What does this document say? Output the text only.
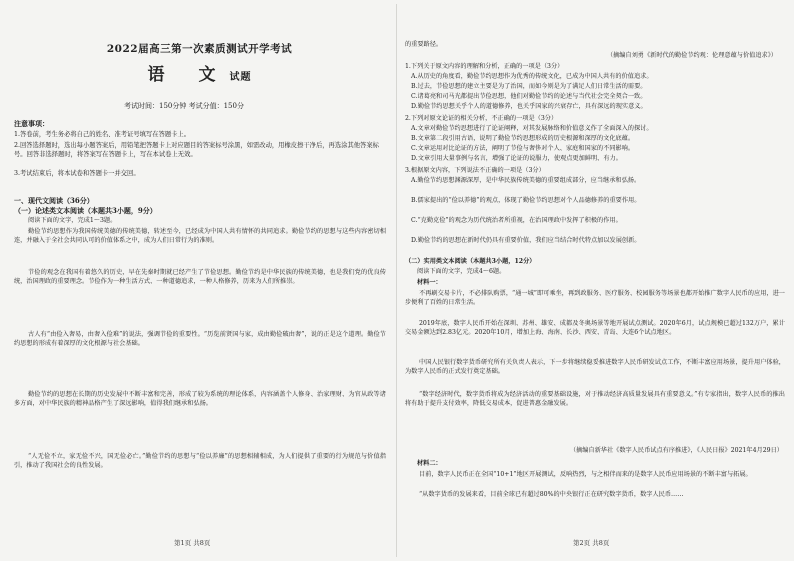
2022届高三第一次素质测试开学考试
语 文试题
考试时间：150分钟 考试分值：150分
注意事项：
1.答卷前，考生务必将自己的姓名、准考证号填写在答题卡上。
2.回答选择题时，选出每小题答案后，用铅笔把答题卡上对应题目的答案标号涂黑，如需改动，用橡皮擦干净后，再选涂其他答案标号。回答非选择题时，将答案写在答题卡上，写在本试卷上无效。
3.考试结束后，将本试卷和答题卡一并交回。
一、现代文阅读（36分）
（一）论述类文本阅读（本题共3小题，9分）
阅读下面的文字，完成1～3题。
勤俭节约思想作为我国传统美德的传统美德，转述至今，已经成为中国人共有情怀的共同追求。勤俭节约的思想与这些内容密切相连，并融入于全社会共同认可的价值体系之中，成为人们日常行为的准则。
节俭的观念在我国有着悠久的历史，早在先秦时期就已经产生了节俭思想。勤俭节约是中华民族的传统美德，也是我们党的优良传统，治国理政的重要理念。节俭作为一种生活方式、一种道德追求，一种人格修养，历来为人们所推崇。
古人有“由俭入奢易，由奢入俭难”的说法，强调节俭的重要性。“历览前贤国与家，成由勤俭破由奢”，说的正是这个道理。勤俭节约思想的形成有着深厚的文化根源与社会基础。
勤俭节约的思想在长期的历史发展中不断丰富和完善，形成了较为系统的理论体系，内容涵盖个人修身、治家理财、为官从政等诸多方面，对中华民族的精神品格产生了深远影响，值得我们继承和弘扬。
“人无俭不立，家无俭不兴，国无俭必亡。”勤俭节约的思想与“俭以养廉”的思想相辅相成，为人们提供了重要的行为规范与价值指引，推动了我国社会的良性发展。
第1页 共8页
的重要路径。
（摘编自刘勇《新时代的勤俭节约观：伦理意蕴与价值追求》）
1.下列关于原文内容的理解和分析，正确的一项是（3分）
A.从历史的角度看，勤俭节约思想作为优秀的传统文化，已成为中国人共有的价值追求。
B.过去，节俭思想的建立主要是为了治国，而如今则是为了满足人们日常生活的需要。
C.诸葛亮和司马光都提出节俭思想，他们对勤俭节约的论述与当代社会完全契合一致。
D.勤俭节约思想关乎个人的道德修养，也关乎国家的兴衰存亡，具有深远的现实意义。
2.下列对原文论证的相关分析，不正确的一项是（3分）
A.文章对勤俭节约思想进行了论证阐释，对其发展脉络和价值意义作了全面深入的探讨。
B.文章第二段引用古语，说明了勤俭节约思想形成的历史根源和深厚的文化底蕴。
C.文章运用对比论证的方法，阐明了节俭与奢侈对个人、家庭和国家的不同影响。
D.文章引用大量事例与名言，增强了论证的说服力，使观点更加鲜明、有力。
3.根据原文内容，下列说法不正确的一项是（3分）
A.勤俭节约思想渊源深厚，是中华民族传统美德的重要组成部分，应当继承和弘扬。
B.儒家提出的“俭以养德”的观点，体现了勤俭节约思想对个人品德修养的重要作用。
C.“克勤克俭”的观念为历代统治者所重视，在治国理政中发挥了积极的作用。
D.勤俭节约的思想在新时代仍具有重要价值，我们应当结合时代特点加以发展创新。
（二）实用类文本阅读（本题共3小题，12分）
阅读下面的文字，完成4～6题。
材料一：
不再刷交易卡片，不必排队购票，“通一城”即可乘坐，再到政服务、医疗服务、校园服务等场景也都开始推广数字人民币的应用，进一步便利了百姓的日常生活。
2019年底，数字人民币开始在深圳、苏州、雄安、成都及冬奥场景等地开展试点测试。2020年6月，试点规模已超过132万户，累计交易金额达到2.83亿元。2020年10月，增加上海、海南、长沙、西安、青岛、大连6个试点地区。
中国人民银行数字货币研究所有关负责人表示，下一步将继续稳妥推进数字人民币研发试点工作，不断丰富应用场景，提升用户体验，为数字人民币的正式发行奠定基础。
“数字经济时代，数字货币将成为经济活动的重要基础设施，对于推动经济高质量发展具有重要意义。”有专家指出，数字人民币的推出将有助于提升支付效率，降低交易成本，促进普惠金融发展。
（摘编自新华社《数字人民币试点有序推进》，《人民日报》2021年4月29日）
材料二：
目前，数字人民币正在全国“10+1”地区开展测试，反响热烈，与之相伴而来的是数字人民币应用场景的不断丰富与拓展。
“从数字货币的发展来看，目前全球已有超过80%的中央银行正在研究数字货币，数字人民币……
第2页 共8页
